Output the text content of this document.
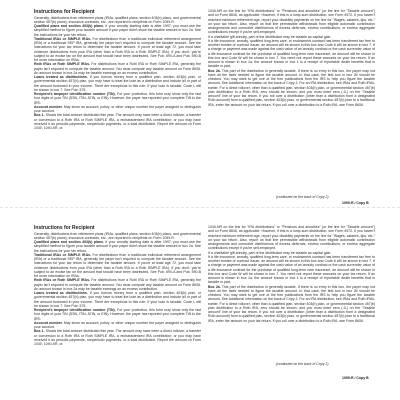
Instructions for Recipient

Generally, distributions from retirement plans (IRAs, qualified plans, section 403(b) plans, and governmental section 457(b) plans), insurance contracts, etc., are reported to recipients on Form 1099-R.

Qualified plans and section 403(b) plans. If your annuity starting date is after 1997, you must use the simplified method to figure your taxable amount if your payer didn't show the taxable amount in box 2a. See the instructions for your tax return.

Traditional IRAs or SIMPLE IRAs. For distributions from a traditional individual retirement arrangement (IRA) or a traditional SEP IRA, generally the payer isn't required to compute the taxable amount. See the instructions for your tax return to determine the taxable amount. If you're at least age 72, you must take minimum distributions from your IRA (other than a Roth IRA or a Roth SIMPLE IRA). If you don't, you're subject to an excise tax on the amount that should have been distributed. See Pub. 590-A and Pub. 590-B for more information on IRAs.

Roth IRAs or Roth SIMPLE IRAs. For distributions from a Roth IRA or Roth SIMPLE IRA, generally the payer isn't required to compute the taxable amount. You must compute any taxable amount on Form 8606. An amount shown in box 2a may be taxable earnings on an excess contribution.

Loans treated as distributions. If you borrow money from a qualified plan, section 403(b) plan, or governmental section 457(b) plan, you may have to treat the loan as a distribution and include all or part of the amount borrowed in your income. There are exceptions to this rule. If your loan is taxable, Code L will be shown in box 7. See Pub. 575.

Recipient's taxpayer identification number (TIN). For your protection, this form may show only the last four digits of your TIN (SSN, ITIN, ATIN, or EIN). However, the payer has reported your complete TIN to the IRS.

Account number. May show an account, policy, or other unique number the payer assigned to distinguish your account.

Box 1. Shows the total amount distributed this year. The amount may have been a direct rollover, a transfer or conversion to a Roth IRA or Roth SIMPLE IRA, a recharacterized IRA contribution; or you may have received it as periodic payments, nonperiodic payments, or a total distribution. Report the amount on Form 1040, 1040-SR, or

1040-NR on the line for "IRA distributions" or "Pensions and annuities" (or the line for "Taxable amount") and on Form 8606, as applicable. However, if this is a lump-sum distribution, see Form 4972. If you haven't reached minimum retirement age, report your disability payments on the line for "Wages, salaries, tips, etc." on your tax return. Also, report on that line permissible withdrawals from eligible automatic contribution arrangements and corrective distributions of excess deferrals, excess contributions, or excess aggregate contributions except if you're self-employed.

If a charitable gift annuity, part of the distribution may be taxable as capital gain.

If a life insurance, annuity, qualified long-term care, or endowment contract has been transferred tax free to another trustee or contract issuer, an amount will be shown in this box and Code 6 will be shown in box 7. If a charge or payment was made against the cash value of an annuity contract or the cash surrender value of a life insurance contract for the purchase of qualified long-term care insurance, an amount will be shown in this box and Code W will be shown in box 7. You need not report these amounts on your tax return. If an amount is shown in box 1a, the amount shown in box 1 is a receipt of reportable death benefits that is taxable in part.

Box 2a. This part of the distribution is generally taxable. If there is no entry in this box, the payer may not have all the facts needed to figure the taxable amount. In that case, the first box in box 2b should be checked. You may want to get one of the free publications from the IRS to help you figure the taxable amount. See Additional information on the back of Copy 2. For an IRA distribution, see IRAs and Roth IRAs, earlier. For a direct rollover, other than a qualified plan, section 403(b) plan, or governmental section 457(b) plan distribution to a Roth IRA, zero should be shown, and you must enter zero (-0-) on the "Taxable amount" line of your tax return. If you roll over a distribution (other than a distribution from a designated Roth account) from a qualified plan, section 403(b) plan, or governmental section 457(b) plan to a traditional IRA, enter the amount on your tax return. If you roll over a distribution to a Roth IRA, see Form 8606.

(continued on the back of Copy 2)
1099-R / Copy B
Instructions for Recipient

Generally, distributions from retirement plans (IRAs, qualified plans, section 403(b) plans, and governmental section 457(b) plans), insurance contracts, etc., are reported to recipients on Form 1099-R.

Qualified plans and section 403(b) plans. If your annuity starting date is after 1997, you must use the simplified method to figure your taxable amount if your payer didn't show the taxable amount in box 2a. See the instructions for your tax return.

Traditional IRAs or SIMPLE IRAs. For distributions from a traditional individual retirement arrangement (IRA) or a traditional SEP IRA, generally the payer isn't required to compute the taxable amount. See the instructions for your tax return to determine the taxable amount. If you're at least age 72, you must take minimum distributions from your IRA (other than a Roth IRA or a Roth SIMPLE IRA). If you don't, you're subject to an excise tax on the amount that should have been distributed. See Pub. 590-A and Pub. 590-B for more information on IRAs.

Roth IRAs or Roth SIMPLE IRAs. For distributions from a Roth IRA or Roth SIMPLE IRA, generally the payer isn't required to compute the taxable amount. You must compute any taxable amount on Form 8606. An amount shown in box 2a may be taxable earnings on an excess contribution.

Loans treated as distributions. If you borrow money from a qualified plan, section 403(b) plan, or governmental section 457(b) plan, you may have to treat the loan as a distribution and include all or part of the amount borrowed in your income. There are exceptions to this rule. If your loan is taxable, Code L will be shown in box 7. See Pub. 575.

Recipient's taxpayer identification number (TIN). For your protection, this form may show only the last four digits of your TIN (SSN, ITIN, ATIN, or EIN). However, the payer has reported your complete TIN to the IRS.

Account number. May show an account, policy, or other unique number the payer assigned to distinguish your account.

Box 1. Shows the total amount distributed this year. The amount may have been a direct rollover, a transfer or conversion to a Roth IRA or Roth SIMPLE IRA, a recharacterized IRA contribution; or you may have received it as periodic payments, nonperiodic payments, or a total distribution. Report the amount on Form 1040, 1040-SR, or

1040-NR on the line for "IRA distributions" or "Pensions and annuities" (or the line for "Taxable amount") and on Form 8606, as applicable. However, if this is a lump-sum distribution, see Form 4972. If you haven't reached minimum retirement age, report your disability payments on the line for "Wages, salaries, tips, etc." on your tax return. Also, report on that line permissible withdrawals from eligible automatic contribution arrangements and corrective distributions of excess deferrals, excess contributions, or excess aggregate contributions except if you're self-employed.

If a charitable gift annuity, part of the distribution may be taxable as capital gain.

If a life insurance, annuity, qualified long-term care, or endowment contract has been transferred tax free to another trustee or contract issuer, an amount will be shown in this box and Code 6 will be shown in box 7. If a charge or payment was made against the cash value of an annuity contract or the cash surrender value of a life insurance contract for the purchase of qualified long-term care insurance, an amount will be shown in this box and Code W will be shown in box 7. You need not report these amounts on your tax return. If an amount is shown in box 1a, the amount shown in box 1 is a receipt of reportable death benefits that is taxable in part.

Box 2a. This part of the distribution is generally taxable. If there is no entry in this box, the payer may not have all the facts needed to figure the taxable amount. In that case, the first box in box 2b should be checked. You may want to get one of the free publications from the IRS to help you figure the taxable amount. See Additional information on the back of Copy 2. For an IRA distribution, see IRAs and Roth IRAs, earlier. For a direct rollover, other than a qualified plan, section 403(b) plan, or governmental section 457(b) plan distribution to a Roth IRA, zero should be shown, and you must enter zero (-0-) on the "Taxable amount" line of your tax return. If you roll over a distribution (other than a distribution from a designated Roth account) from a qualified plan, section 403(b) plan, or governmental section 457(b) plan to a traditional IRA, enter the amount on your tax return. If you roll over a distribution to a Roth IRA, see Form 8606.

(continued on the back of Copy 2)
1099-R / Copy B
